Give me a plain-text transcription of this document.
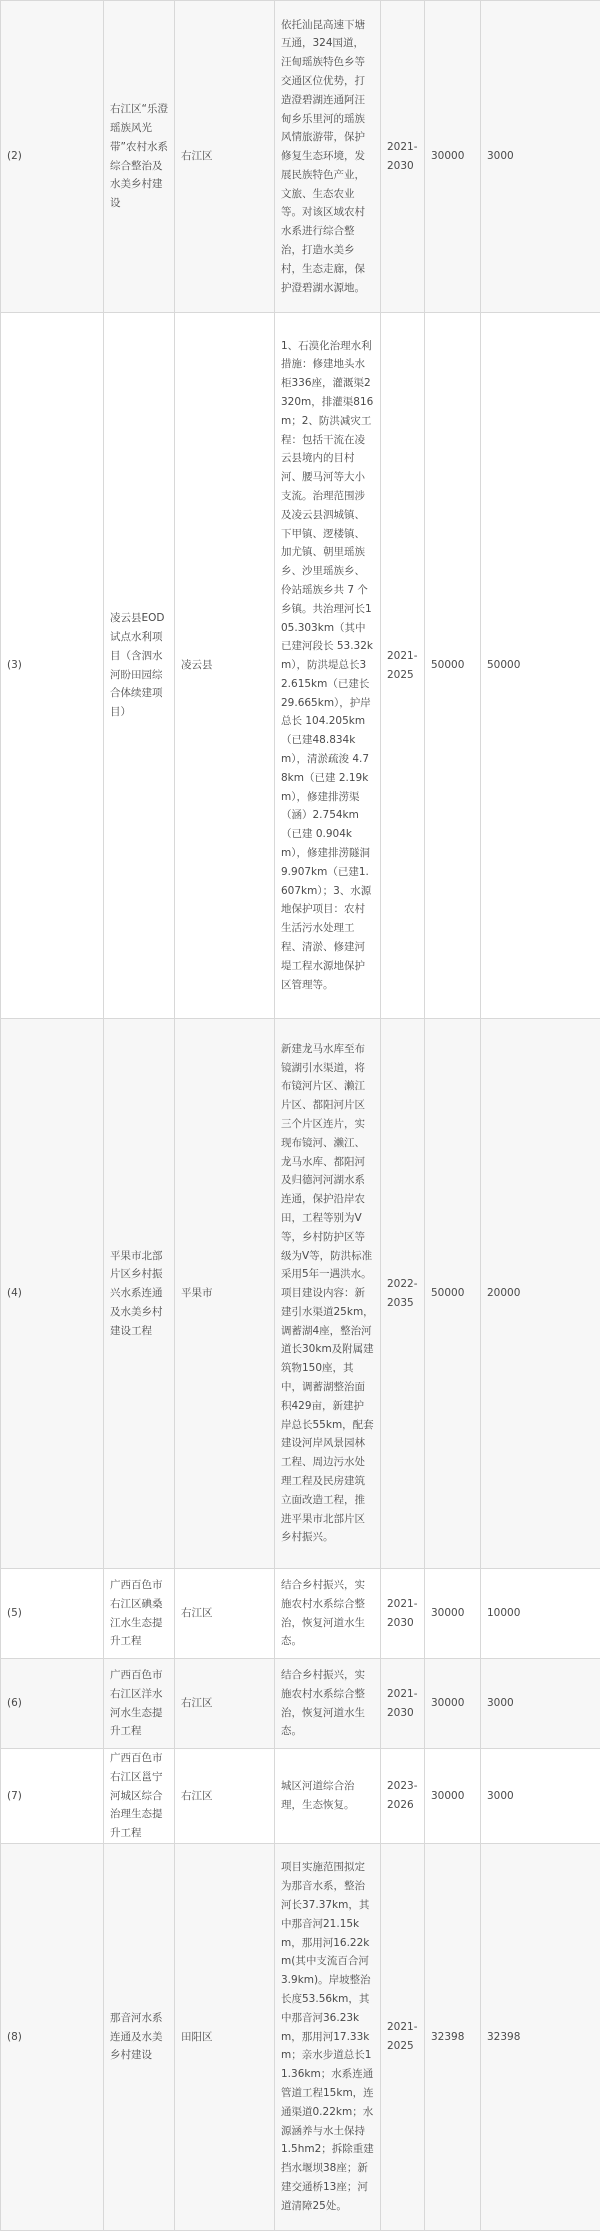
(2)	右江区“乐澄瑶族风光带”农村水系综合整治及水美乡村建设	右江区	依托汕昆高速下塘互通，324国道，汪甸瑶族特色乡等交通区位优势，打造澄碧湖连通阿汪甸乡乐里河的瑶族风情旅游带，保护修复生态环境，发展民族特色产业，文旅、生态农业等。对该区域农村水系进行综合整治，打造水美乡村，生态走廊，保护澄碧湖水源地。	2021-2030	30000	3000
(3)	凌云县EOD试点水利项目（含泗水河盼田园综合体续建项目）	凌云县	1、石漠化治理水利措施：修建地头水柜336座，灌溉渠2320m，排灌渠816m；2、防洪减灾工程：包括干流在凌云县境内的目村河、腰马河等大小支流。治理范围涉及凌云县泗城镇、下甲镇、逻楼镇、加尤镇、朝里瑶族乡、沙里瑶族乡、伶站瑶族乡共 7 个乡镇。共治理河长105.303km（其中已建河段长 53.32km），防洪堤总长32.615km（已建长29.665km），护岸总长 104.205km（已建48.834km），清淤疏浚 4.78km（已建 2.19km），修建排涝渠（涵）2.754km（已建 0.904km），修建排涝隧洞 9.907km（已建1.607km）；3、水源地保护项目：农村生活污水处理工程、清淤、修建河堤工程水源地保护区管理等。	2021-2025	50000	50000
(4)	平果市北部片区乡村振兴水系连通及水美乡村建设工程	平果市	新建龙马水库至布镜湖引水渠道，将布镜河片区、濑江片区、都阳河片区三个片区连片，实现布镜河、濑江、龙马水库、都阳河及归德河河湖水系连通，保护沿岸农田，工程等别为V等，乡村防护区等级为V等，防洪标准采用5年一遇洪水。项目建设内容：新建引水渠道25km，调蓄湖4座，整治河道长30km及附属建筑物150座，其中，调蓄湖整治面积429亩，新建护岸总长55km，配套建设河岸风景园林工程、周边污水处理工程及民房建筑立面改造工程，推进平果市北部片区乡村振兴。	2022-2035	50000	20000
(5)	广西百色市右江区碘桑江水生态提升工程	右江区	结合乡村振兴，实施农村水系综合整治，恢复河道水生态。	2021-2030	30000	10000
(6)	广西百色市右江区洋水河水生态提升工程	右江区	结合乡村振兴，实施农村水系综合整治，恢复河道水生态。	2021-2030	30000	3000
(7)	广西百色市右江区邕宁河城区综合治理生态提升工程	右江区	城区河道综合治理，生态恢复。	2023-2026	30000	3000
(8)	那音河水系连通及水美乡村建设	田阳区	项目实施范围拟定为那音水系，整治河长37.37km，其中那音河21.15km，那用河16.22km(其中支流百合河3.9km)。岸坡整治长度53.56km，其中那音河36.23km，那用河17.33km；亲水步道总长11.36km；水系连通管道工程15km，连通渠道0.22km；水源涵养与水土保持1.5hm2；拆除重建挡水堰坝38座；新建交通桥13座；河道清障25处。	2021-2025	32398	32398
